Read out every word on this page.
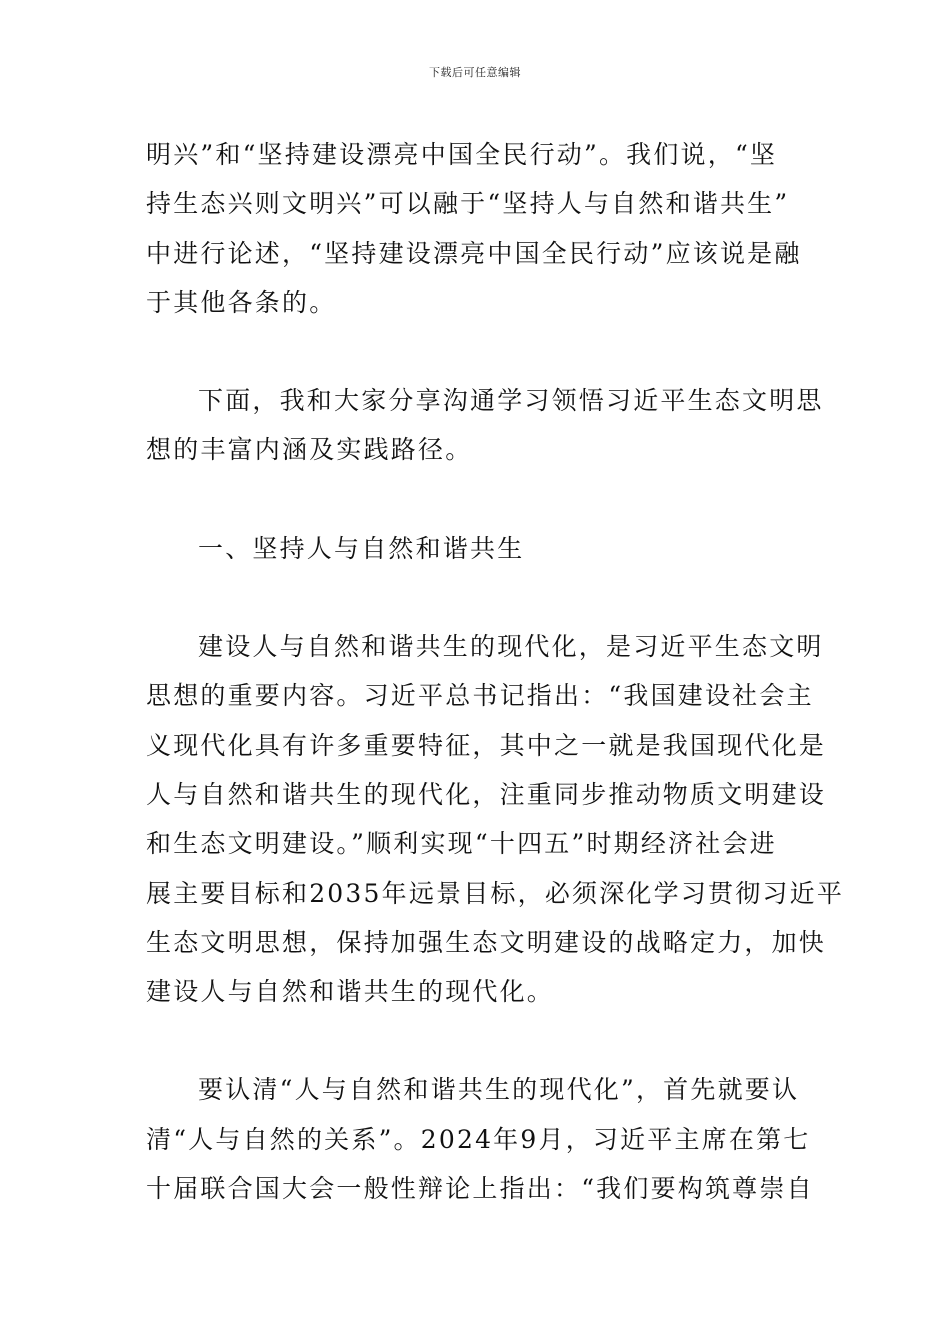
下载后可任意编辑
明兴”和“坚持建设漂亮中国全民行动”。我们说，“坚
持生态兴则文明兴”可以融于“坚持人与自然和谐共生”
中进行论述，“坚持建设漂亮中国全民行动”应该说是融
于其他各条的。
下面，我和大家分享沟通学习领悟习近平生态文明思
想的丰富内涵及实践路径。
一、坚持人与自然和谐共生
建设人与自然和谐共生的现代化，是习近平生态文明
思想的重要内容。习近平总书记指出：“我国建设社会主
义现代化具有许多重要特征，其中之一就是我国现代化是
人与自然和谐共生的现代化，注重同步推动物质文明建设
和生态文明建设。”顺利实现“十四五”时期经济社会进
展主要目标和2035年远景目标，必须深化学习贯彻习近平
生态文明思想，保持加强生态文明建设的战略定力，加快
建设人与自然和谐共生的现代化。
要认清“人与自然和谐共生的现代化”，首先就要认
清“人与自然的关系”。2024年9月，习近平主席在第七
十届联合国大会一般性辩论上指出：“我们要构筑尊崇自
